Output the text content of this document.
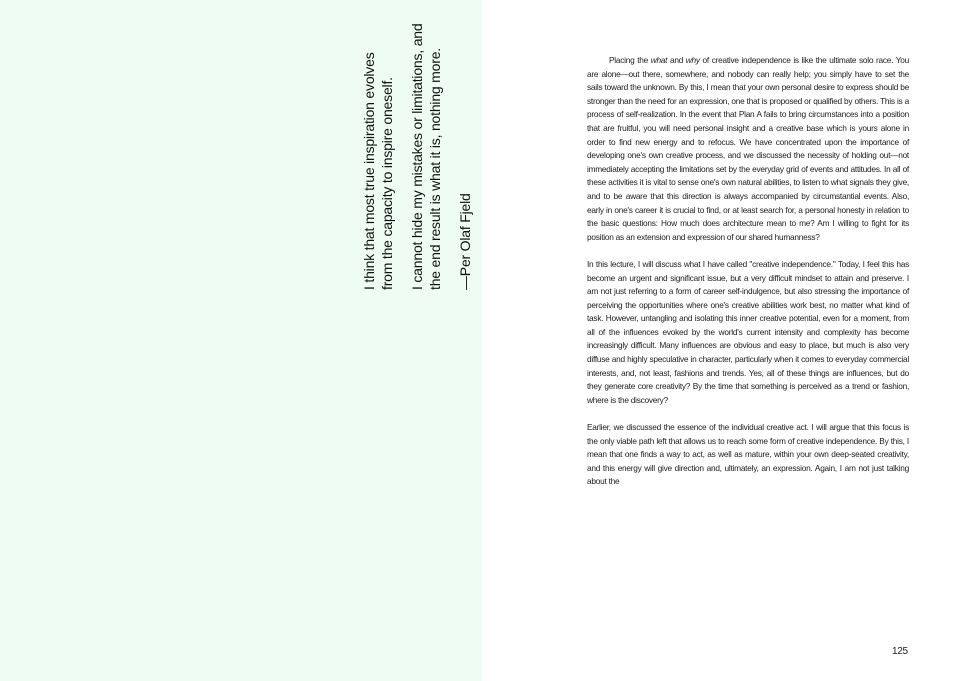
I think that most true inspiration evolves from the capacity to inspire oneself. I cannot hide my mistakes or limitations, and the end result is what it is, nothing more. —Per Olaf Fjeld

Placing the what and why of creative independence is like the ultimate solo race. You are alone—out there, somewhere, and nobody can really help; you simply have to set the sails toward the unknown. By this, I mean that your own personal desire to express should be stronger than the need for an expression, one that is proposed or qualified by others. This is a process of self-realization. In the event that Plan A fails to bring circumstances into a position that are fruitful, you will need personal insight and a creative base which is yours alone in order to find new energy and to refocus. We have concentrated upon the importance of developing one's own creative process, and we discussed the necessity of holding out—not immediately accepting the limitations set by the everyday grid of events and attitudes. In all of these activities it is vital to sense one's own natural abilities, to listen to what signals they give, and to be aware that this direction is always accompanied by circumstantial events. Also, early in one's career it is crucial to find, or at least search for, a personal honesty in relation to the basic questions: How much does architecture mean to me? Am I willing to fight for its position as an extension and expression of our shared humanness?

In this lecture, I will discuss what I have called "creative independence." Today, I feel this has become an urgent and significant issue, but a very difficult mindset to attain and preserve. I am not just referring to a form of career self-indulgence, but also stressing the importance of perceiving the opportunities where one's creative abilities work best, no matter what kind of task. However, untangling and isolating this inner creative potential, even for a moment, from all of the influences evoked by the world's current intensity and complexity has become increasingly difficult. Many influences are obvious and easy to place, but much is also very diffuse and highly speculative in character, particularly when it comes to everyday commercial interests, and, not least, fashions and trends. Yes, all of these things are influences, but do they generate core creativity? By the time that something is perceived as a trend or fashion, where is the discovery?

Earlier, we discussed the essence of the individual creative act. I will argue that this focus is the only viable path left that allows us to reach some form of creative independence. By this, I mean that one finds a way to act, as well as mature, within your own deep-seated creativity, and this energy will give direction and, ultimately, an expression. Again, I am not just talking about the

125
